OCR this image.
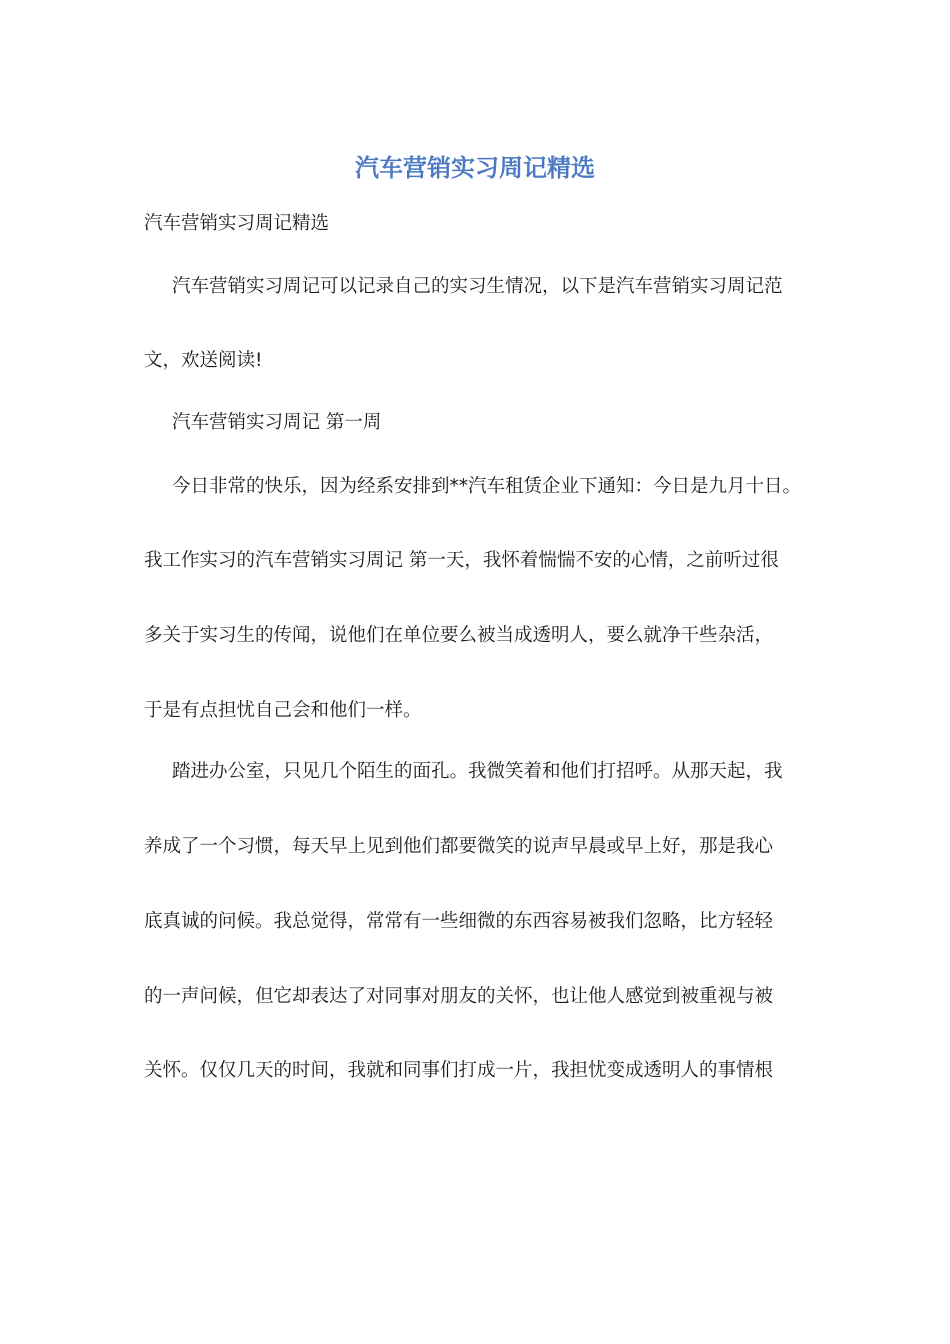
汽车营销实习周记精选

汽车营销实习周记精选

汽车营销实习周记可以记录自己的实习生情况，以下是汽车营销实习周记范

文，欢送阅读!

汽车营销实习周记 第一周

今日非常的快乐，因为经系安排到**汽车租赁企业下通知：今日是九月十日。

我工作实习的汽车营销实习周记 第一天，我怀着惴惴不安的心情，之前听过很

多关于实习生的传闻，说他们在单位要么被当成透明人，要么就净干些杂活，

于是有点担忧自己会和他们一样。

踏进办公室，只见几个陌生的面孔。我微笑着和他们打招呼。从那天起，我

养成了一个习惯，每天早上见到他们都要微笑的说声早晨或早上好，那是我心

底真诚的问候。我总觉得，常常有一些细微的东西容易被我们忽略，比方轻轻

的一声问候，但它却表达了对同事对朋友的关怀，也让他人感觉到被重视与被

关怀。仅仅几天的时间，我就和同事们打成一片，我担忧变成透明人的事情根
